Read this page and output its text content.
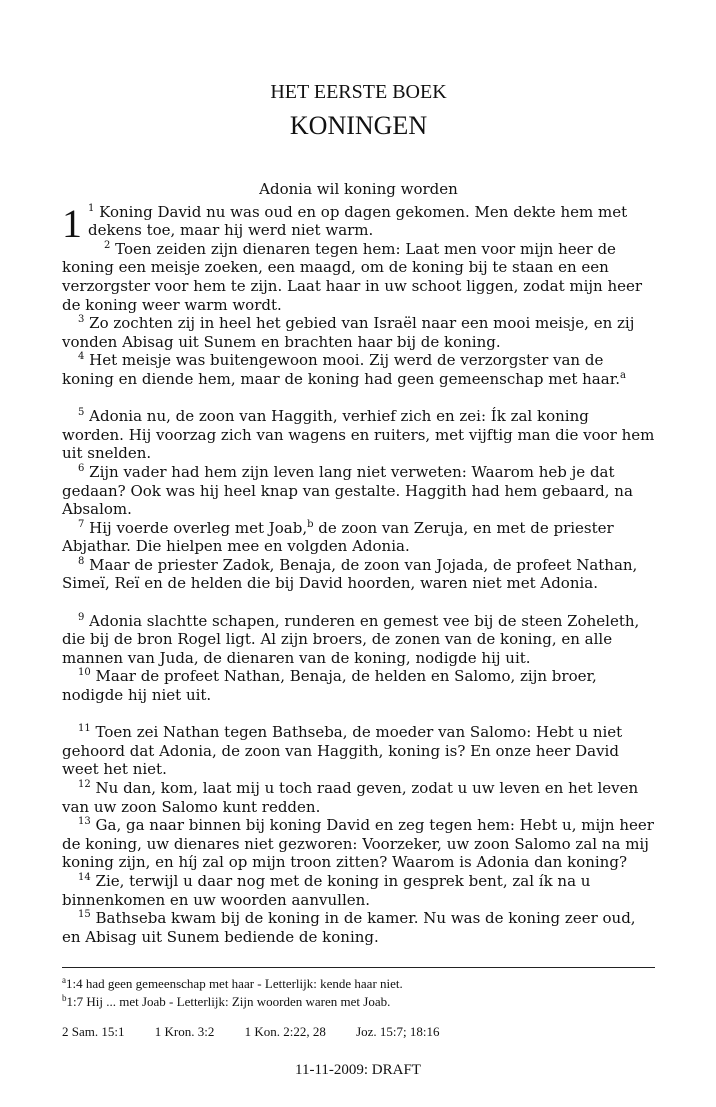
HET EERSTE BOEK
KONINGEN
Adonia wil koning worden
1 $^1$ Koning David nu was oud en op dagen gekomen. Men dekte hem met dekens toe, maar hij werd niet warm.

$^2$ Toen zeiden zijn dienaren tegen hem: Laat men voor mijn heer de koning een meisje zoeken, een maagd, om de koning bij te staan en een verzorgster voor hem te zijn. Laat haar in uw schoot liggen, zodat mijn heer de koning weer warm wordt.

$^3$ Zo zochten zij in heel het gebied van Israël naar een mooi meisje, en zij vonden Abisag uit Sunem en brachten haar bij de koning.

$^4$ Het meisje was buitengewoon mooi. Zij werd de verzorgster van de koning en diende hem, maar de koning had geen gemeenschap met haar.$^a$

$^5$ Adonia nu, de zoon van Haggith, verhief zich en zei: Ík zal koning worden. Hij voorzag zich van wagens en ruiters, met vijftig man die voor hem uit snelden.

$^6$ Zijn vader had hem zijn leven lang niet verweten: Waarom heb je dat gedaan? Ook was hij heel knap van gestalte. Haggith had hem gebaard, na Absalom.

$^7$ Hij voerde overleg met Joab,$^b$ de zoon van Zeruja, en met de priester Abjathar. Die hielpen mee en volgden Adonia.

$^8$ Maar de priester Zadok, Benaja, de zoon van Jojada, de profeet Nathan, Simeï, Reï en de helden die bij David hoorden, waren niet met Adonia.

$^9$ Adonia slachtte schapen, runderen en gemest vee bij de steen Zoheleth, die bij de bron Rogel ligt. Al zijn broers, de zonen van de koning, en alle mannen van Juda, de dienaren van de koning, nodigde hij uit.

$^{10}$ Maar de profeet Nathan, Benaja, de helden en Salomo, zijn broer, nodigde hij niet uit.

$^{11}$ Toen zei Nathan tegen Bathseba, de moeder van Salomo: Hebt u niet gehoord dat Adonia, de zoon van Haggith, koning is? En onze heer David weet het niet.

$^{12}$ Nu dan, kom, laat mij u toch raad geven, zodat u uw leven en het leven van uw zoon Salomo kunt redden.

$^{13}$ Ga, ga naar binnen bij koning David en zeg tegen hem: Hebt u, mijn heer de koning, uw dienares niet gezworen: Voorzeker, uw zoon Salomo zal na mij koning zijn, en híj zal op mijn troon zitten? Waarom is Adonia dan koning?

$^{14}$ Zie, terwijl u daar nog met de koning in gesprek bent, zal ík na u binnenkomen en uw woorden aanvullen.

$^{15}$ Bathseba kwam bij de koning in de kamer. Nu was de koning zeer oud, en Abisag uit Sunem bediende de koning.

$^a$1:4 had geen gemeenschap met haar - Letterlijk: kende haar niet.
$^b$1:7 Hij ... met Joab - Letterlijk: Zijn woorden waren met Joab.
2 Sam. 15:1 1 Kron. 3:2 1 Kon. 2:22, 28 Joz. 15:7; 18:16
11-11-2009: DRAFT
